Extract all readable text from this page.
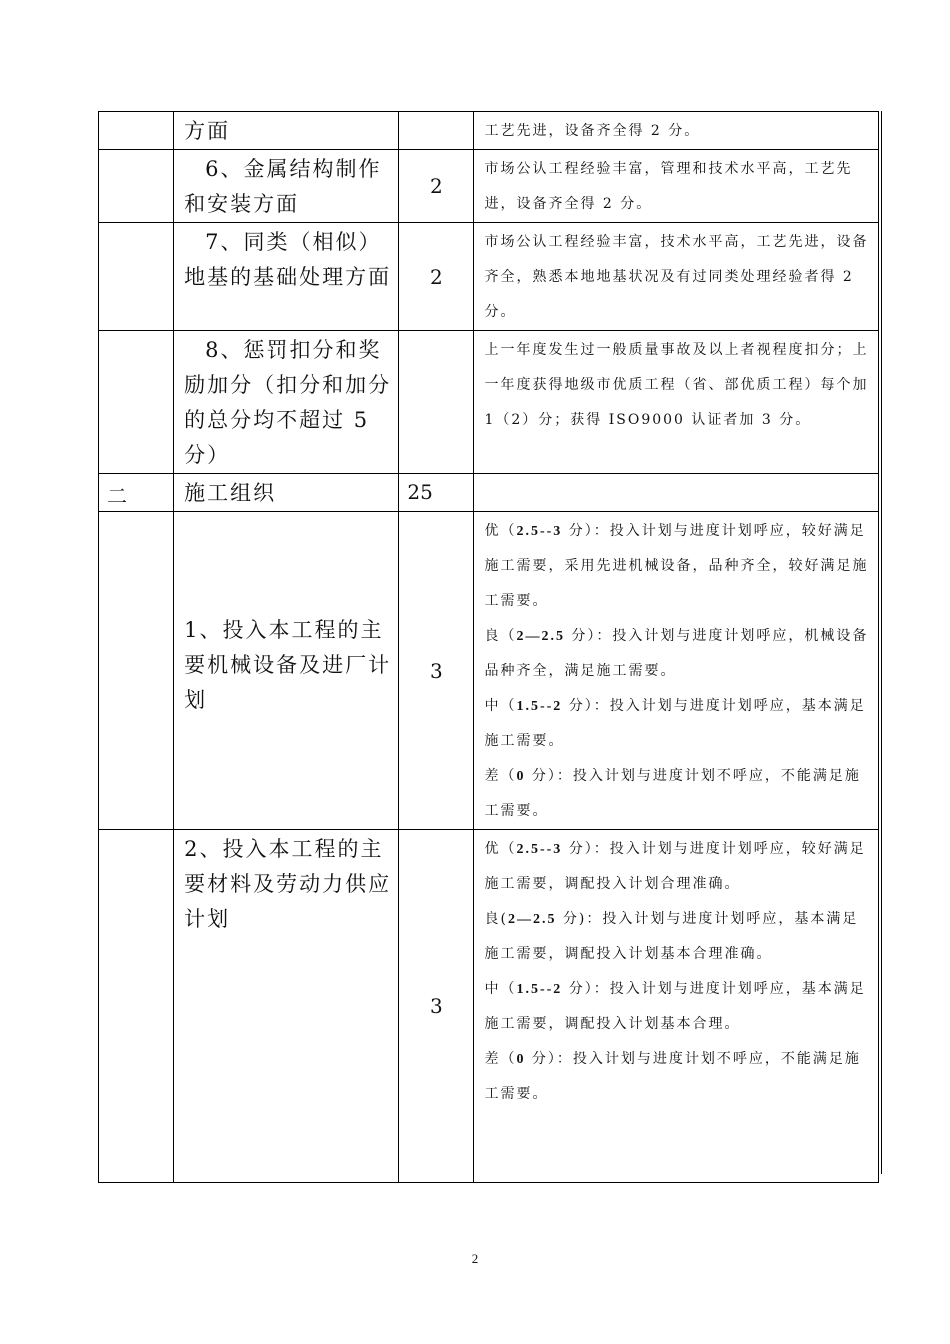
	方面		工艺先进，设备齐全得 2 分。

	6、金属结构制作和安装方面	2	市场公认工程经验丰富，管理和技术水平高，工艺先进，设备齐全得 2 分。

	7、同类（相似）地基的基础处理方面	2	市场公认工程经验丰富，技术水平高，工艺先进，设备齐全，熟悉本地地基状况及有过同类处理经验者得 2 分。

	8、惩罚扣分和奖励加分（扣分和加分的总分均不超过 5 分）		上一年度发生过一般质量事故及以上者视程度扣分；上一年度获得地级市优质工程（省、部优质工程）每个加 1（2）分；获得 ISO9000 认证者加 3 分。

二	施工组织	25	
	1、投入本工程的主要机械设备及进厂计划	3	优（2.5--3 分）：投入计划与进度计划呼应，较好满足施工需要，采用先进机械设备，品种齐全，较好满足施工需要。
良（2—2.5 分）：投入计划与进度计划呼应，机械设备品种齐全，满足施工需要。
中（1.5--2 分）：投入计划与进度计划呼应，基本满足施工需要。
差（0 分）：投入计划与进度计划不呼应，不能满足施工需要。

	2、投入本工程的主要材料及劳动力供应计划	3	优（2.5--3 分）：投入计划与进度计划呼应，较好满足施工需要，调配投入计划合理准确。
良(2—2.5 分)：投入计划与进度计划呼应，基本满足施工需要，调配投入计划基本合理准确。
中（1.5--2 分）：投入计划与进度计划呼应，基本满足施工需要，调配投入计划基本合理。
差（0 分）：投入计划与进度计划不呼应，不能满足施工需要。
2
